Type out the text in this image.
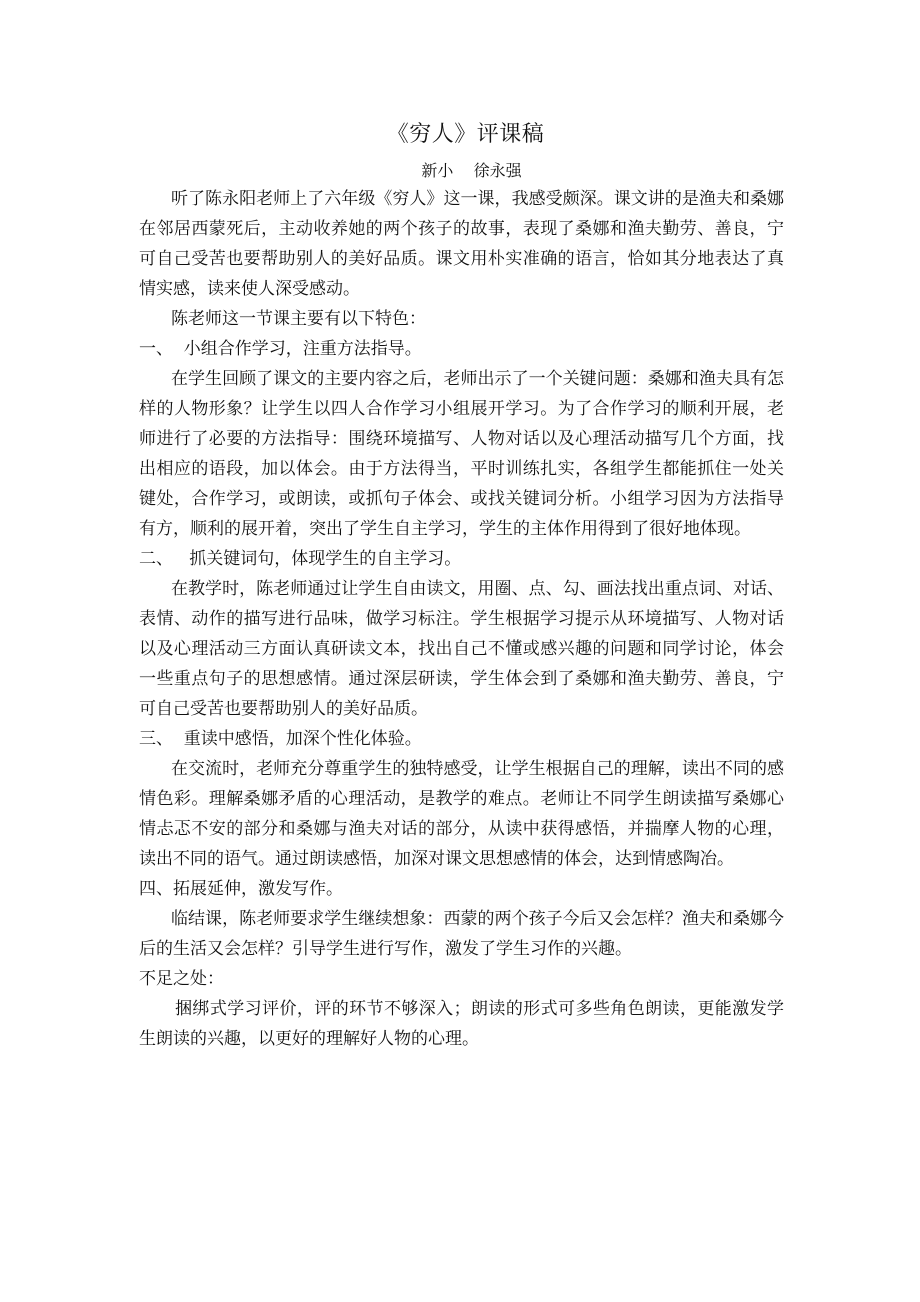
《穷人》评课稿
新小    徐永强

听了陈永阳老师上了六年级《穷人》这一课，我感受颇深。课文讲的是渔夫和桑娜在邻居西蒙死后，主动收养她的两个孩子的故事，表现了桑娜和渔夫勤劳、善良，宁可自己受苦也要帮助别人的美好品质。课文用朴实准确的语言，恰如其分地表达了真情实感，读来使人深受感动。

陈老师这一节课主要有以下特色：

一、  小组合作学习，注重方法指导。

在学生回顾了课文的主要内容之后，老师出示了一个关键问题：桑娜和渔夫具有怎样的人物形象？让学生以四人合作学习小组展开学习。为了合作学习的顺利开展，老师进行了必要的方法指导：围绕环境描写、人物对话以及心理活动描写几个方面，找出相应的语段，加以体会。由于方法得当，平时训练扎实，各组学生都能抓住一处关键处，合作学习，或朗读，或抓句子体会、或找关键词分析。小组学习因为方法指导有方，顺利的展开着，突出了学生自主学习，学生的主体作用得到了很好地体现。

二、   抓关键词句，体现学生的自主学习。

在教学时，陈老师通过让学生自由读文，用圈、点、勾、画法找出重点词、对话、表情、动作的描写进行品味，做学习标注。学生根据学习提示从环境描写、人物对话以及心理活动三方面认真研读文本，找出自己不懂或感兴趣的问题和同学讨论，体会一些重点句子的思想感情。通过深层研读，学生体会到了桑娜和渔夫勤劳、善良，宁可自己受苦也要帮助别人的美好品质。

三、  重读中感悟，加深个性化体验。

在交流时，老师充分尊重学生的独特感受，让学生根据自己的理解，读出不同的感情色彩。理解桑娜矛盾的心理活动，是教学的难点。老师让不同学生朗读描写桑娜心情忐忑不安的部分和桑娜与渔夫对话的部分，从读中获得感悟，并揣摩人物的心理，读出不同的语气。通过朗读感悟，加深对课文思想感情的体会，达到情感陶冶。

四、拓展延伸，激发写作。

临结课，陈老师要求学生继续想象：西蒙的两个孩子今后又会怎样？渔夫和桑娜今后的生活又会怎样？引导学生进行写作，激发了学生习作的兴趣。

不足之处：

捆绑式学习评价，评的环节不够深入；朗读的形式可多些角色朗读，更能激发学生朗读的兴趣，以更好的理解好人物的心理。
